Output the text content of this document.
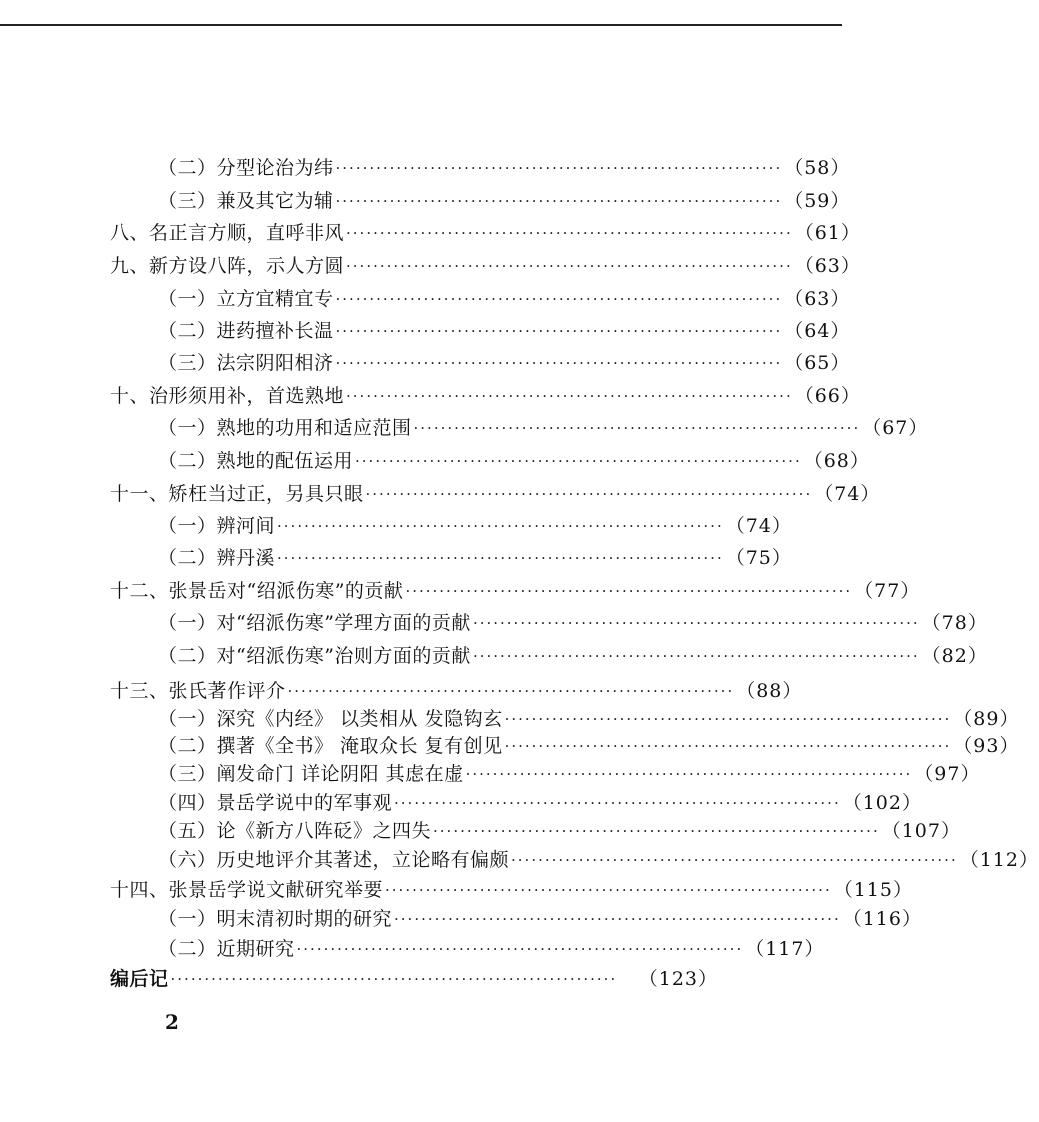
（二）分型论治为纬 ·································································· （58）
（三）兼及其它为辅 ·································································· （59）
八、名正言方顺，直呼非风 ·································································· （61）
九、新方设八阵，示人方圆 ·································································· （63）
（一）立方宜精宜专 ·································································· （63）
（二）进药擅补长温 ·································································· （64）
（三）法宗阴阳相济 ·································································· （65）
十、治形须用补，首选熟地 ·································································· （66）
（一）熟地的功用和适应范围 ·································································· （67）
（二）熟地的配伍运用 ·································································· （68）
十一、矫枉当过正，另具只眼 ·································································· （74）
（一）辨河间 ·································································· （74）
（二）辨丹溪 ·································································· （75）
十二、张景岳对“绍派伤寒”的贡献 ·································································· （77）
（一）对“绍派伤寒”学理方面的贡献 ·································································· （78）
（二）对“绍派伤寒”治则方面的贡献 ·································································· （82）
十三、张氏著作评介 ·································································· （88）
（一）深究《内经》 以类相从 发隐钩玄 ·································································· （89）
（二）撰著《全书》 淹取众长 复有创见 ·································································· （93）
（三）阐发命门 详论阴阳 其虑在虚 ·································································· （97）
（四）景岳学说中的军事观 ·································································· （102）
（五）论《新方八阵砭》之四失 ·································································· （107）
（六）历史地评介其著述，立论略有偏颇 ·································································· （112）
十四、张景岳学说文献研究举要 ·································································· （115）
（一）明末清初时期的研究 ·································································· （116）
（二）近期研究 ·································································· （117）
编后记 ··································································	（123）
2
